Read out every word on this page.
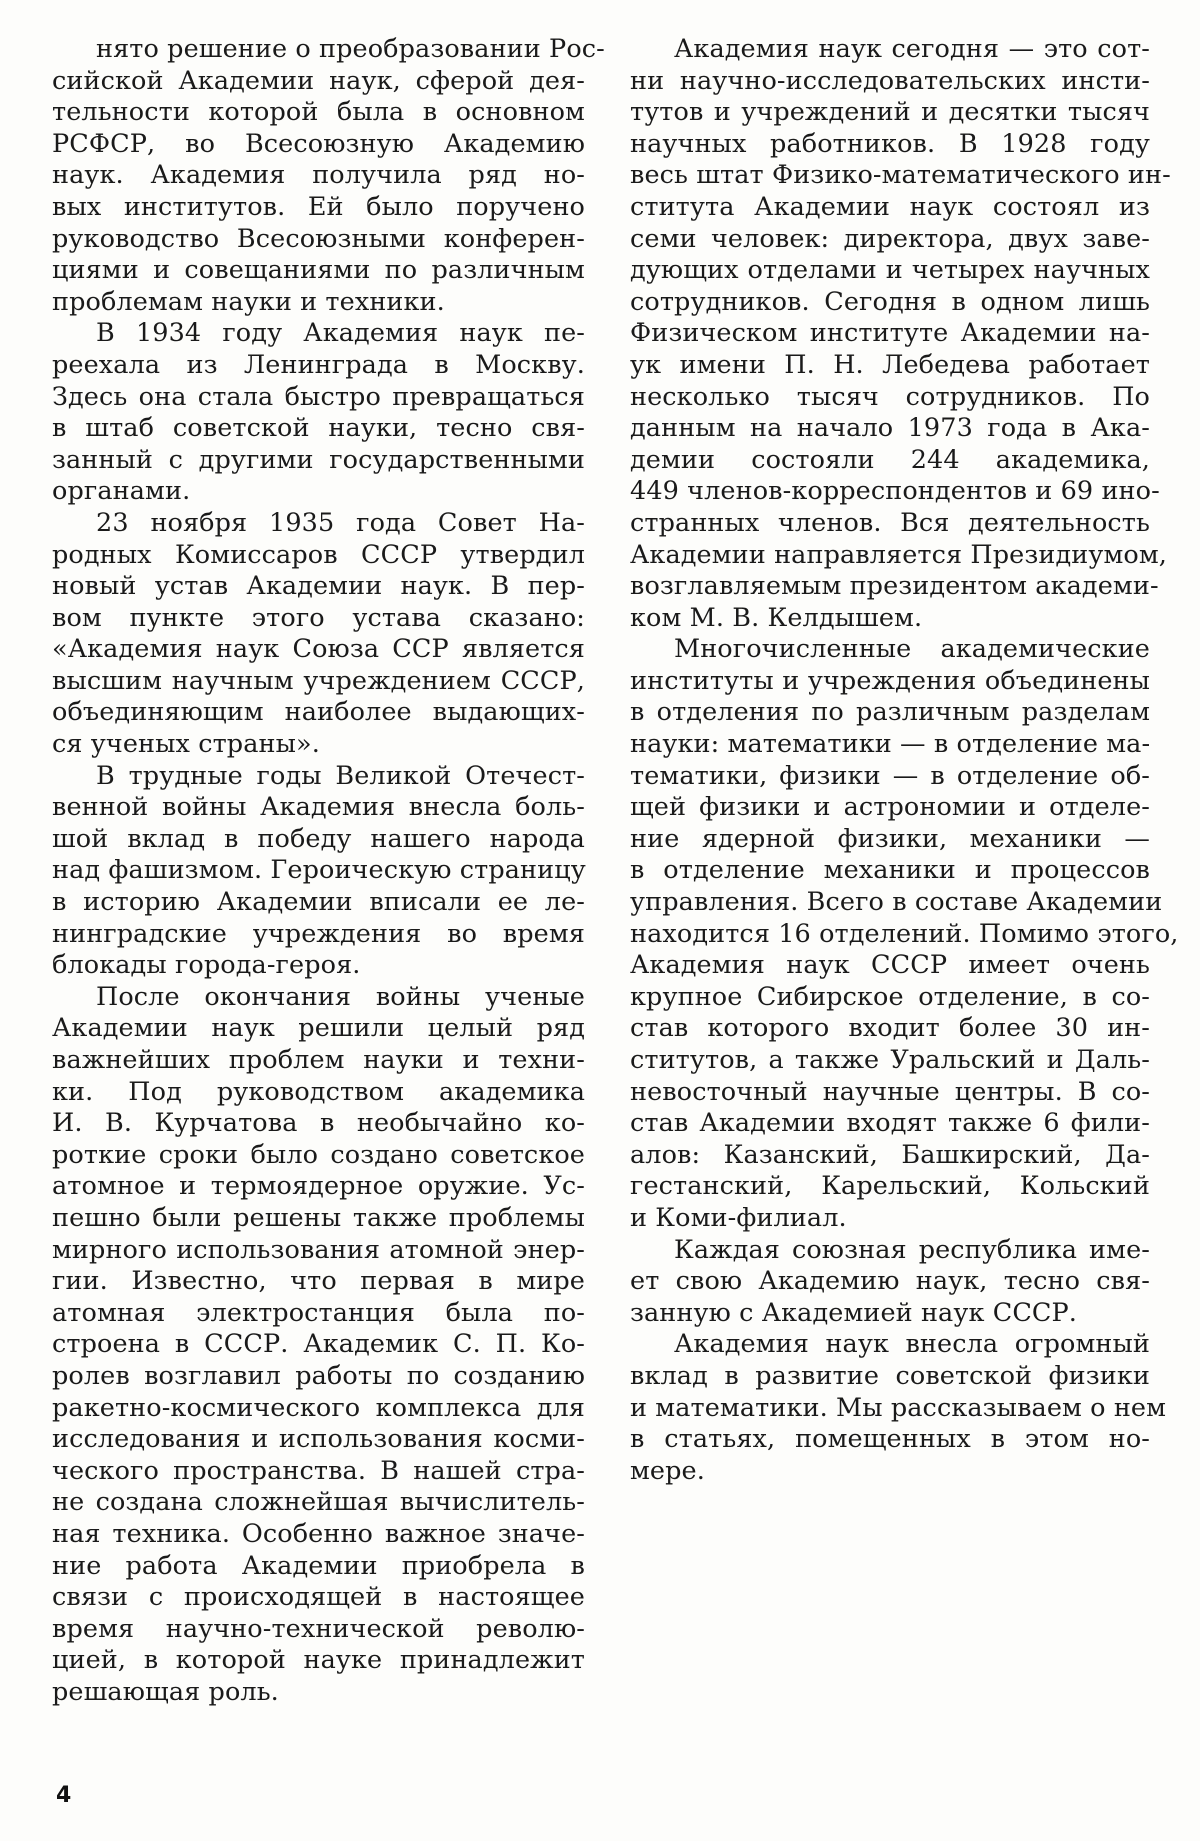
нято решение о преобразовании Рос-
сийской Академии наук, сферой дея-
тельности которой была в основном
РСФСР, во Всесоюзную Академию
наук. Академия получила ряд но-
вых институтов. Ей было поручено
руководство Всесоюзными конферен-
циями и совещаниями по различным
проблемам науки и техники.
В 1934 году Академия наук пе-
реехала из Ленинграда в Москву.
Здесь она стала быстро превращаться
в штаб советской науки, тесно свя-
занный с другими государственными
органами.
23 ноября 1935 года Совет На-
родных Комиссаров СССР утвердил
новый устав Академии наук. В пер-
вом пункте этого устава сказано:
«Академия наук Союза ССР является
высшим научным учреждением СССР,
объединяющим наиболее выдающих-
ся ученых страны».
В трудные годы Великой Отечест-
венной войны Академия внесла боль-
шой вклад в победу нашего народа
над фашизмом. Героическую страницу
в историю Академии вписали ее ле-
нинградские учреждения во время
блокады города-героя.
После окончания войны ученые
Академии наук решили целый ряд
важнейших проблем науки и техни-
ки. Под руководством академика
И. В. Курчатова в необычайно ко-
роткие сроки было создано советское
атомное и термоядерное оружие. Ус-
пешно были решены также проблемы
мирного использования атомной энер-
гии. Известно, что первая в мире
атомная электростанция была по-
строена в СССР. Академик С. П. Ко-
ролев возглавил работы по созданию
ракетно-космического комплекса для
исследования и использования косми-
ческого пространства. В нашей стра-
не создана сложнейшая вычислитель-
ная техника. Особенно важное значе-
ние работа Академии приобрела в
связи с происходящей в настоящее
время научно-технической револю-
цией, в которой науке принадлежит
решающая роль.
Академия наук сегодня — это сот-
ни научно-исследовательских инсти-
тутов и учреждений и десятки тысяч
научных работников. В 1928 году
весь штат Физико-математического ин-
ститута Академии наук состоял из
семи человек: директора, двух заве-
дующих отделами и четырех научных
сотрудников. Сегодня в одном лишь
Физическом институте Академии на-
ук имени П. Н. Лебедева работает
несколько тысяч сотрудников. По
данным на начало 1973 года в Ака-
демии состояли 244 академика,
449 членов-корреспондентов и 69 ино-
странных членов. Вся деятельность
Академии направляется Президиумом,
возглавляемым президентом академи-
ком М. В. Келдышем.
Многочисленные академические
институты и учреждения объединены
в отделения по различным разделам
науки: математики — в отделение ма-
тематики, физики — в отделение об-
щей физики и астрономии и отделе-
ние ядерной физики, механики —
в отделение механики и процессов
управления. Всего в составе Академии
находится 16 отделений. Помимо этого,
Академия наук СССР имеет очень
крупное Сибирское отделение, в со-
став которого входит более 30 ин-
ститутов, а также Уральский и Даль-
невосточный научные центры. В со-
став Академии входят также 6 фили-
алов: Казанский, Башкирский, Да-
гестанский, Карельский, Кольский
и Коми-филиал.
Каждая союзная республика име-
ет свою Академию наук, тесно свя-
занную с Академией наук СССР.
Академия наук внесла огромный
вклад в развитие советской физики
и математики. Мы рассказываем о нем
в статьях, помещенных в этом но-
мере.
4
